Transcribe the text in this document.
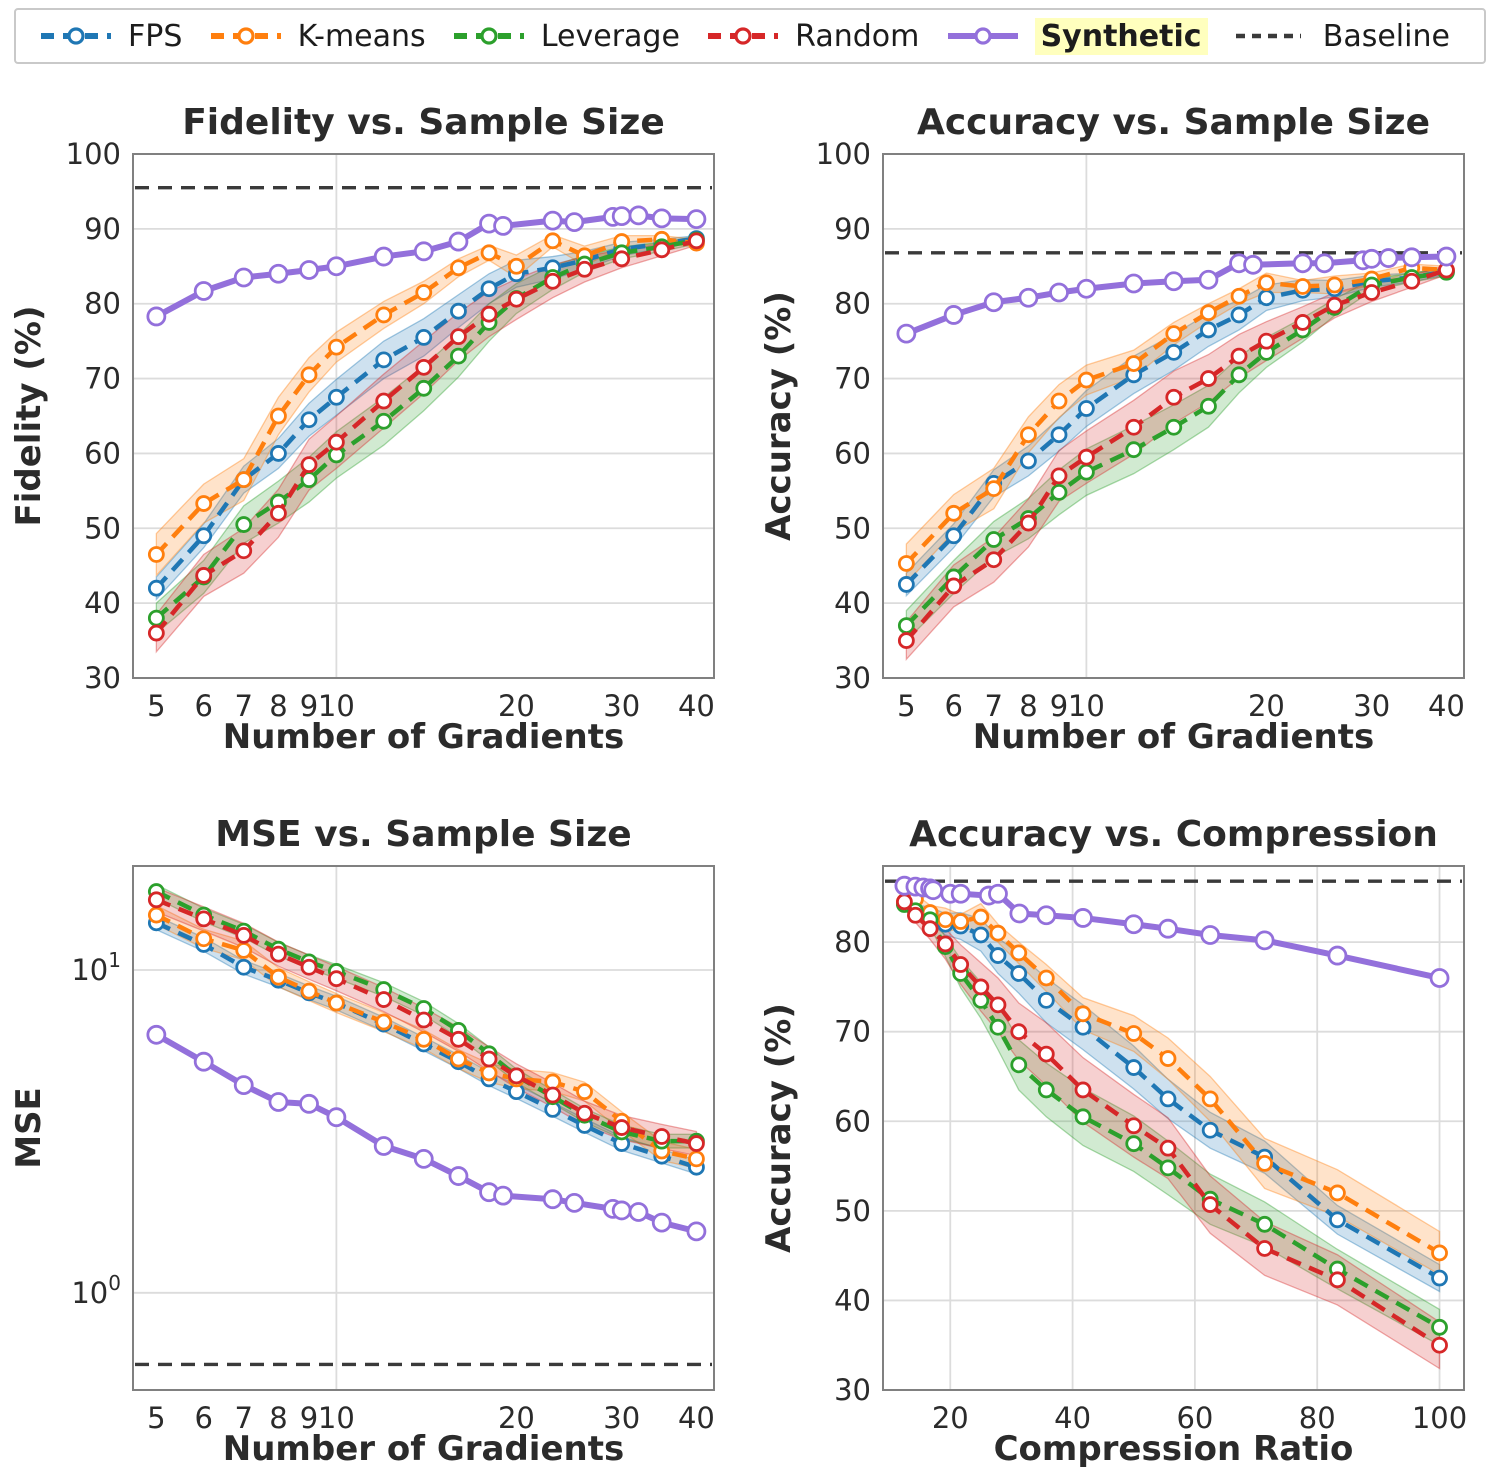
FPS	K-means	Leverage	Random	Synthetic	Baseline
Fidelity vs. Sample Size
5 6 7 8 9 10	20 30 40
30
40
50
60
70
80
90
100
Number of Gradients
Fidelity (%)
Accuracy vs. Sample Size
5 6 7 8 9 10	20 30 40
30
40
50
60
70
80
90
100
Number of Gradients
Accuracy (%)
MSE vs. Sample Size
5 6 7 8 9 10	20 30 40
$10^1$
$10^0$
Number of Gradients
MSE
Accuracy vs. Compression
20	40	60	80	100
30
40
50
60
70
80
Compression Ratio
Accuracy (%)
